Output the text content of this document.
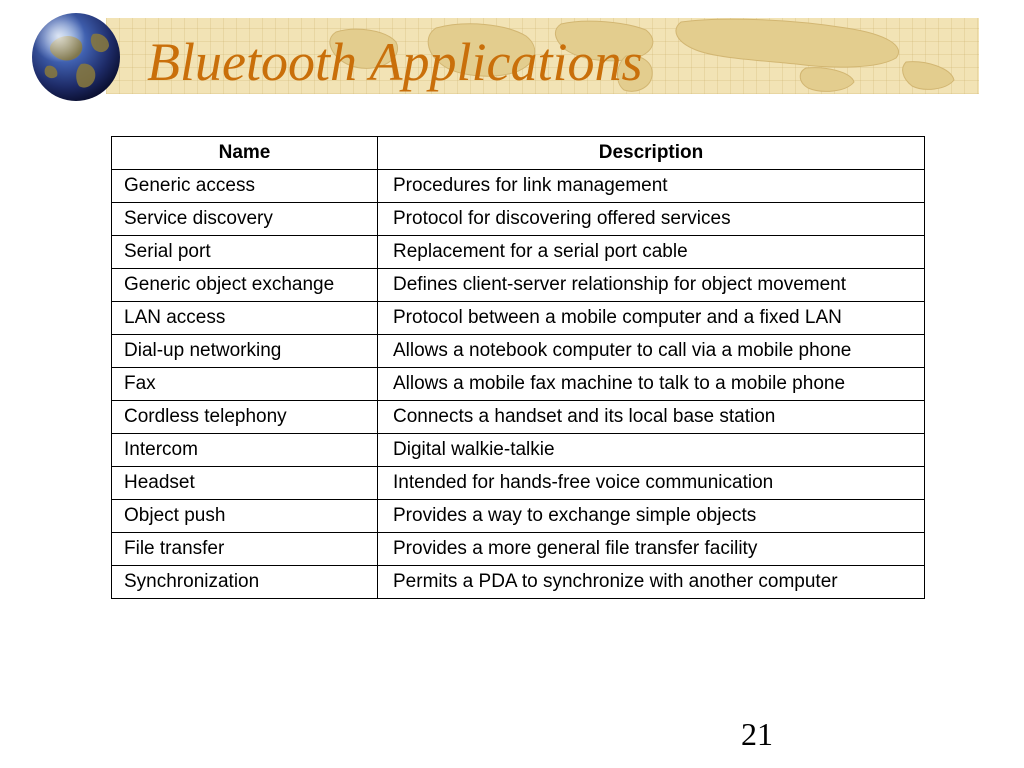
Bluetooth Applications
Name	Description
Generic access	Procedures for link management
Service discovery	Protocol for discovering offered services
Serial port	Replacement for a serial port cable
Generic object exchange	Defines client-server relationship for object movement
LAN access	Protocol between a mobile computer and a fixed LAN
Dial-up networking	Allows a notebook computer to call via a mobile phone
Fax	Allows a mobile fax machine to talk to a mobile phone
Cordless telephony	Connects a handset and its local base station
Intercom	Digital walkie-talkie
Headset	Intended for hands-free voice communication
Object push	Provides a way to exchange simple objects
File transfer	Provides a more general file transfer facility
Synchronization	Permits a PDA to synchronize with another computer
21
